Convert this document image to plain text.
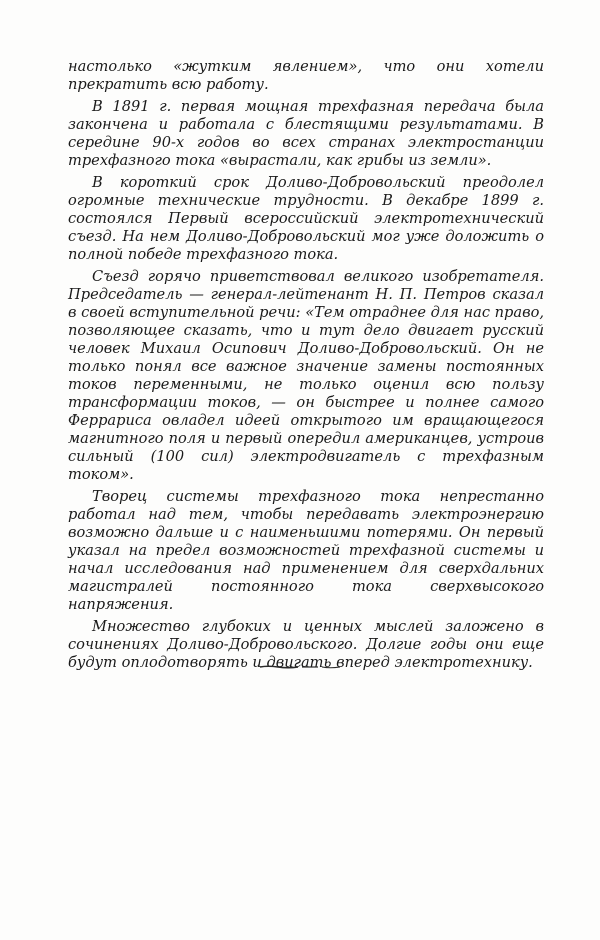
настолько «жутким явлением», что они хотели прекратить всю работу.

В 1891 г. первая мощная трехфазная передача была закончена и работала с блестящими результатами. В середине 90-х годов во всех странах электростанции трехфазного тока «вырастали, как грибы из земли».

В короткий срок Доливо-Добровольский преодолел огромные технические трудности. В декабре 1899 г. состоялся Первый всероссийский электротехнический съезд. На нем Доливо-Добровольский мог уже доложить о полной победе трехфазного тока.

Съезд горячо приветствовал великого изобретателя. Председатель — генерал-лейтенант Н. П. Петров сказал в своей вступительной речи: «Тем отраднее для нас право, позволяющее сказать, что и тут дело двигает русский человек Михаил Осипович Доливо-Добровольский. Он не только понял все важное значение замены постоянных токов переменными, не только оценил всю пользу трансформации токов, — он быстрее и полнее самого Феррариса овладел идеей открытого им вращающегося магнитного поля и первый опередил американцев, устроив сильный (100 сил) электродвигатель с трехфазным током».

Творец системы трехфазного тока непрестанно работал над тем, чтобы передавать электроэнергию возможно дальше и с наименьшими потерями. Он первый указал на предел возможностей трехфазной системы и начал исследования над применением для сверхдальних магистралей постоянного тока сверхвысокого напряжения.

Множество глубоких и ценных мыслей заложено в сочинениях Доливо-Добровольского. Долгие годы они еще будут оплодотворять и двигать вперед электротехнику.
